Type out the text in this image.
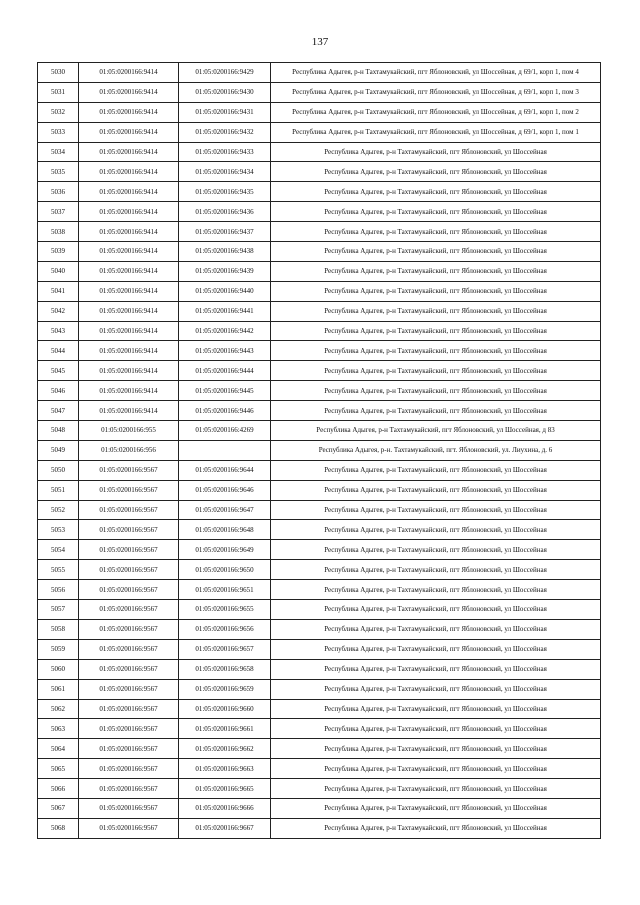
137
5030	01:05:0200166:9414	01:05:0200166:9429	Республика Адыгея, р-н Тахтамукайский, пгт Яблоновский, ул Шоссейная, д 69/1, корп 1, пом 4
5031	01:05:0200166:9414	01:05:0200166:9430	Республика Адыгея, р-н Тахтамукайский, пгт Яблоновский, ул Шоссейная, д 69/1, корп 1, пом 3
5032	01:05:0200166:9414	01:05:0200166:9431	Республика Адыгея, р-н Тахтамукайский, пгт Яблоновский, ул Шоссейная, д 69/1, корп 1, пом 2
5033	01:05:0200166:9414	01:05:0200166:9432	Республика Адыгея, р-н Тахтамукайский, пгт Яблоновский, ул Шоссейная, д 69/1, корп 1, пом 1
5034	01:05:0200166:9414	01:05:0200166:9433	Республика Адыгея, р-н Тахтамукайский, пгт Яблоновский, ул Шоссейная
5035	01:05:0200166:9414	01:05:0200166:9434	Республика Адыгея, р-н Тахтамукайский, пгт Яблоновский, ул Шоссейная
5036	01:05:0200166:9414	01:05:0200166:9435	Республика Адыгея, р-н Тахтамукайский, пгт Яблоновский, ул Шоссейная
5037	01:05:0200166:9414	01:05:0200166:9436	Республика Адыгея, р-н Тахтамукайский, пгт Яблоновский, ул Шоссейная
5038	01:05:0200166:9414	01:05:0200166:9437	Республика Адыгея, р-н Тахтамукайский, пгт Яблоновский, ул Шоссейная
5039	01:05:0200166:9414	01:05:0200166:9438	Республика Адыгея, р-н Тахтамукайский, пгт Яблоновский, ул Шоссейная
5040	01:05:0200166:9414	01:05:0200166:9439	Республика Адыгея, р-н Тахтамукайский, пгт Яблоновский, ул Шоссейная
5041	01:05:0200166:9414	01:05:0200166:9440	Республика Адыгея, р-н Тахтамукайский, пгт Яблоновский, ул Шоссейная
5042	01:05:0200166:9414	01:05:0200166:9441	Республика Адыгея, р-н Тахтамукайский, пгт Яблоновский, ул Шоссейная
5043	01:05:0200166:9414	01:05:0200166:9442	Республика Адыгея, р-н Тахтамукайский, пгт Яблоновский, ул Шоссейная
5044	01:05:0200166:9414	01:05:0200166:9443	Республика Адыгея, р-н Тахтамукайский, пгт Яблоновский, ул Шоссейная
5045	01:05:0200166:9414	01:05:0200166:9444	Республика Адыгея, р-н Тахтамукайский, пгт Яблоновский, ул Шоссейная
5046	01:05:0200166:9414	01:05:0200166:9445	Республика Адыгея, р-н Тахтамукайский, пгт Яблоновский, ул Шоссейная
5047	01:05:0200166:9414	01:05:0200166:9446	Республика Адыгея, р-н Тахтамукайский, пгт Яблоновский, ул Шоссейная
5048	01:05:0200166:955	01:05:0200166:4269	Республика Адыгея, р-н Тахтамукайский, пгт Яблоновский, ул Шоссейная, д 83
5049	01:05:0200166:956		Республика Адыгея, р-н. Тахтамукайский, пгт. Яблоновский, ул. Лиухина, д. 6
5050	01:05:0200166:9567	01:05:0200166:9644	Республика Адыгея, р-н Тахтамукайский, пгт Яблоновский, ул Шоссейная
5051	01:05:0200166:9567	01:05:0200166:9646	Республика Адыгея, р-н Тахтамукайский, пгт Яблоновский, ул Шоссейная
5052	01:05:0200166:9567	01:05:0200166:9647	Республика Адыгея, р-н Тахтамукайский, пгт Яблоновский, ул Шоссейная
5053	01:05:0200166:9567	01:05:0200166:9648	Республика Адыгея, р-н Тахтамукайский, пгт Яблоновский, ул Шоссейная
5054	01:05:0200166:9567	01:05:0200166:9649	Республика Адыгея, р-н Тахтамукайский, пгт Яблоновский, ул Шоссейная
5055	01:05:0200166:9567	01:05:0200166:9650	Республика Адыгея, р-н Тахтамукайский, пгт Яблоновский, ул Шоссейная
5056	01:05:0200166:9567	01:05:0200166:9651	Республика Адыгея, р-н Тахтамукайский, пгт Яблоновский, ул Шоссейная
5057	01:05:0200166:9567	01:05:0200166:9655	Республика Адыгея, р-н Тахтамукайский, пгт Яблоновский, ул Шоссейная
5058	01:05:0200166:9567	01:05:0200166:9656	Республика Адыгея, р-н Тахтамукайский, пгт Яблоновский, ул Шоссейная
5059	01:05:0200166:9567	01:05:0200166:9657	Республика Адыгея, р-н Тахтамукайский, пгт Яблоновский, ул Шоссейная
5060	01:05:0200166:9567	01:05:0200166:9658	Республика Адыгея, р-н Тахтамукайский, пгт Яблоновский, ул Шоссейная
5061	01:05:0200166:9567	01:05:0200166:9659	Республика Адыгея, р-н Тахтамукайский, пгт Яблоновский, ул Шоссейная
5062	01:05:0200166:9567	01:05:0200166:9660	Республика Адыгея, р-н Тахтамукайский, пгт Яблоновский, ул Шоссейная
5063	01:05:0200166:9567	01:05:0200166:9661	Республика Адыгея, р-н Тахтамукайский, пгт Яблоновский, ул Шоссейная
5064	01:05:0200166:9567	01:05:0200166:9662	Республика Адыгея, р-н Тахтамукайский, пгт Яблоновский, ул Шоссейная
5065	01:05:0200166:9567	01:05:0200166:9663	Республика Адыгея, р-н Тахтамукайский, пгт Яблоновский, ул Шоссейная
5066	01:05:0200166:9567	01:05:0200166:9665	Республика Адыгея, р-н Тахтамукайский, пгт Яблоновский, ул Шоссейная
5067	01:05:0200166:9567	01:05:0200166:9666	Республика Адыгея, р-н Тахтамукайский, пгт Яблоновский, ул Шоссейная
5068	01:05:0200166:9567	01:05:0200166:9667	Республика Адыгея, р-н Тахтамукайский, пгт Яблоновский, ул Шоссейная
